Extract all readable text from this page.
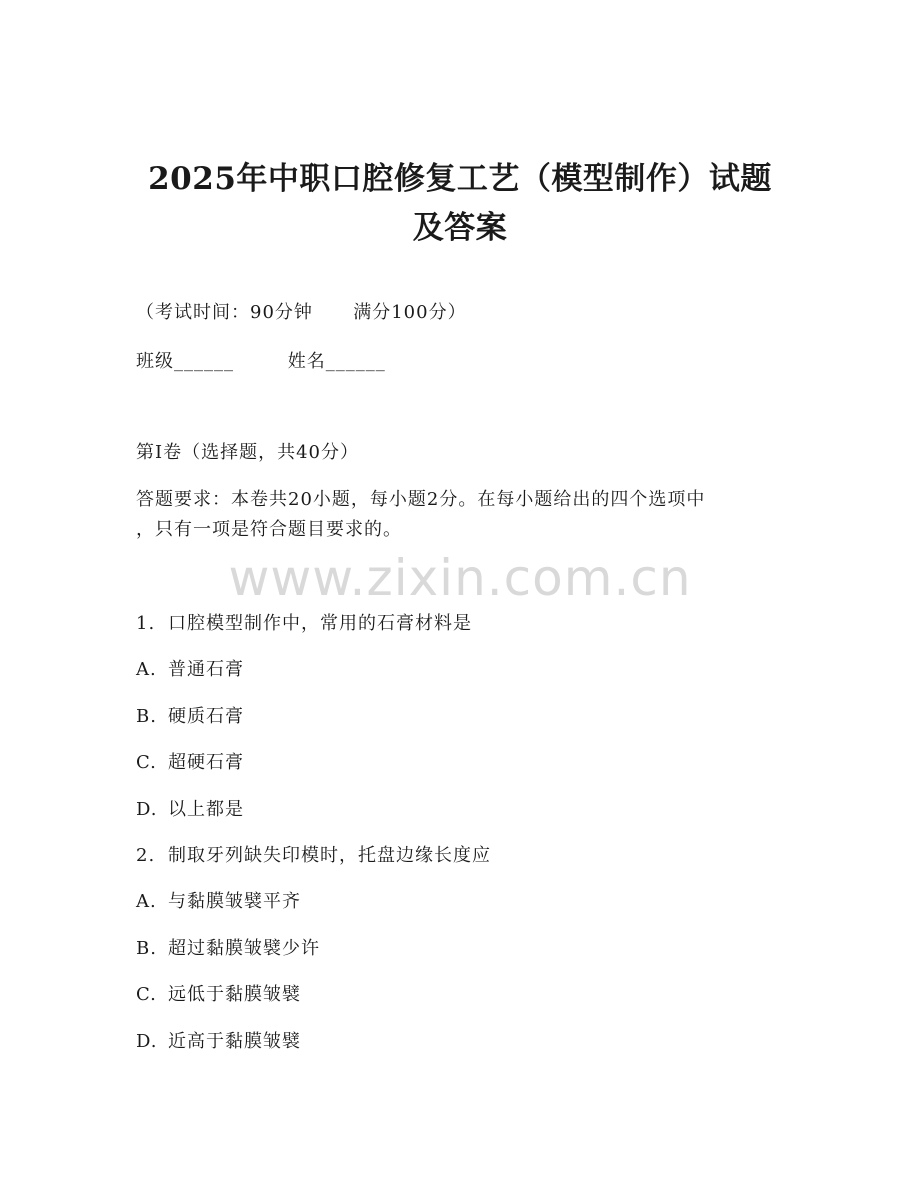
2025年中职口腔修复工艺（模型制作）试题
及答案
（考试时间：90分钟      满分100分）
班级______        姓名______
第I卷（选择题，共40分）
答题要求：本卷共20小题，每小题2分。在每小题给出的四个选项中
，只有一项是符合题目要求的。
www.zixin.com.cn
1. 口腔模型制作中，常用的石膏材料是
A. 普通石膏
B. 硬质石膏
C. 超硬石膏
D. 以上都是
2. 制取牙列缺失印模时，托盘边缘长度应
A. 与黏膜皱襞平齐
B. 超过黏膜皱襞少许
C. 远低于黏膜皱襞
D. 近高于黏膜皱襞
